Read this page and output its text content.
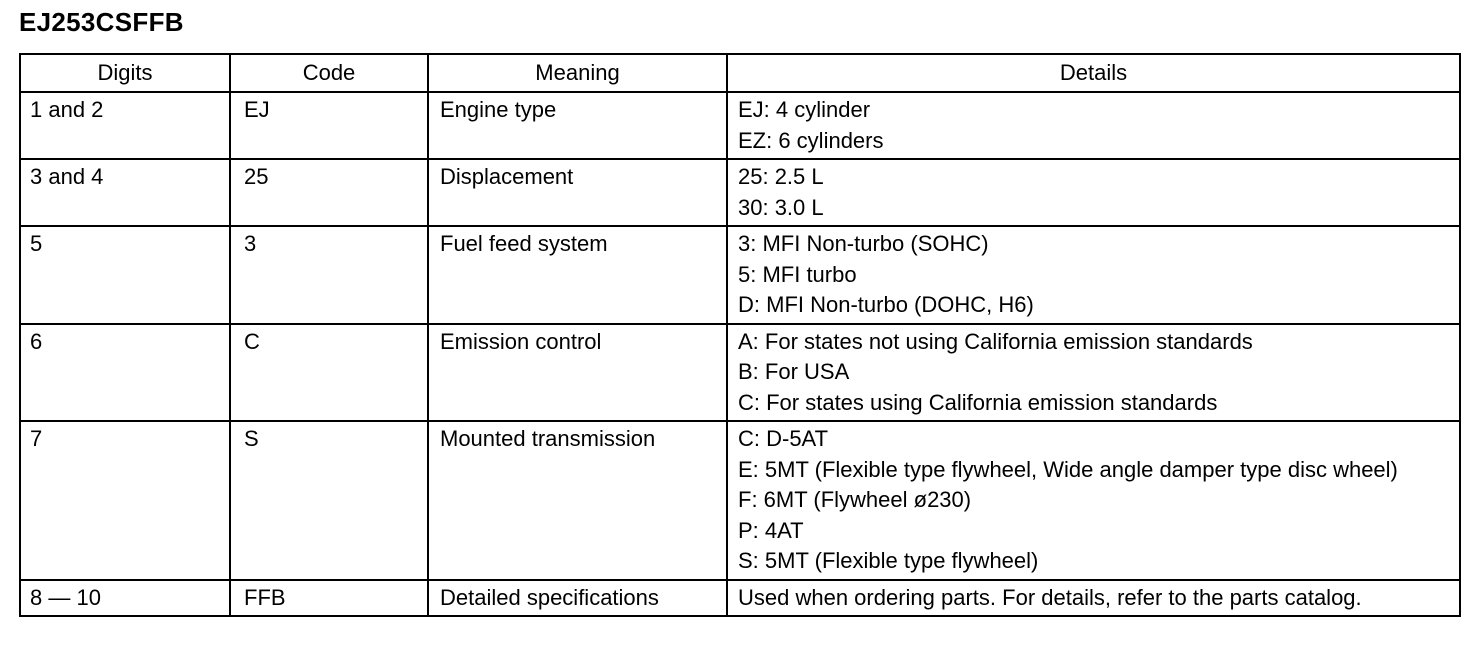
EJ253CSFFB
Digits	Code	Meaning	Details
1 and 2	EJ	Engine type	EJ: 4 cylinder
EZ: 6 cylinders

3 and 4	25	Displacement	25: 2.5 L
30: 3.0 L

5	3	Fuel feed system	3: MFI Non-turbo (SOHC)
5: MFI turbo
D: MFI Non-turbo (DOHC, H6)

6	C	Emission control	A: For states not using California emission standards
B: For USA
C: For states using California emission standards

7	S	Mounted transmission	C: D-5AT
E: 5MT (Flexible type flywheel, Wide angle damper type disc wheel)
F: 6MT (Flywheel ø230)
P: 4AT
S: 5MT (Flexible type flywheel)

8 — 10	FFB	Detailed specifications	Used when ordering parts. For details, refer to the parts catalog.
